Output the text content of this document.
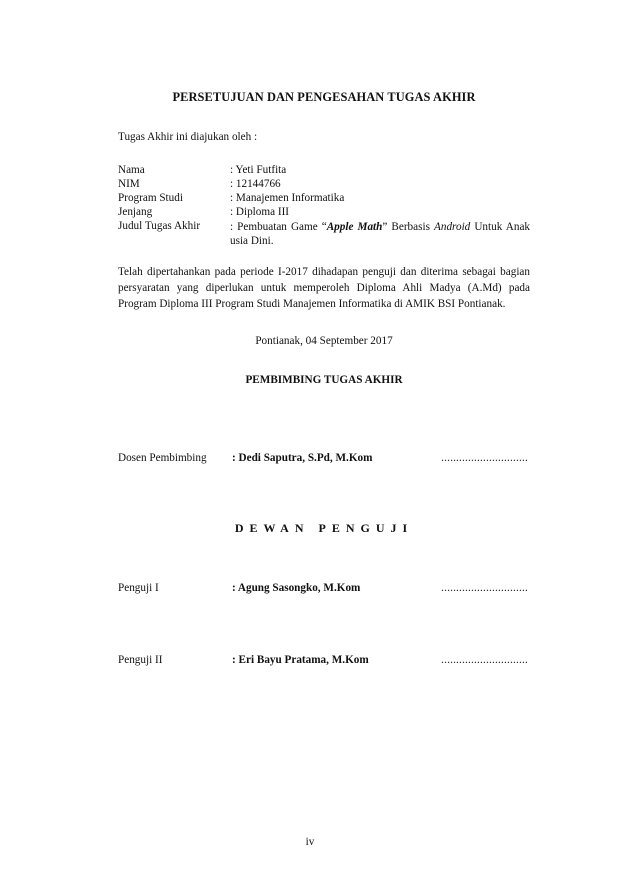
PERSETUJUAN DAN PENGESAHAN TUGAS AKHIR
Tugas Akhir ini diajukan oleh :
Nama	: Yeti Futfita
NIM	: 12144766
Program Studi	: Manajemen Informatika
Jenjang	: Diploma III
Judul Tugas Akhir	: Pembuatan Game “Apple Math” Berbasis Android Untuk Anak usia Dini.
Telah dipertahankan pada periode I-2017 dihadapan penguji dan diterima sebagai bagian persyaratan yang diperlukan untuk memperoleh Diploma Ahli Madya (A.Md) pada Program Diploma III Program Studi Manajemen Informatika di AMIK BSI Pontianak.
Pontianak, 04 September 2017
PEMBIMBING TUGAS AKHIR
Dosen Pembimbing : Dedi Saputra, S.Pd, M.Kom	.............................
DEWAN PENGUJI
Penguji I	: Agung Sasongko, M.Kom	.............................
Penguji II	: Eri Bayu Pratama, M.Kom	.............................
iv
